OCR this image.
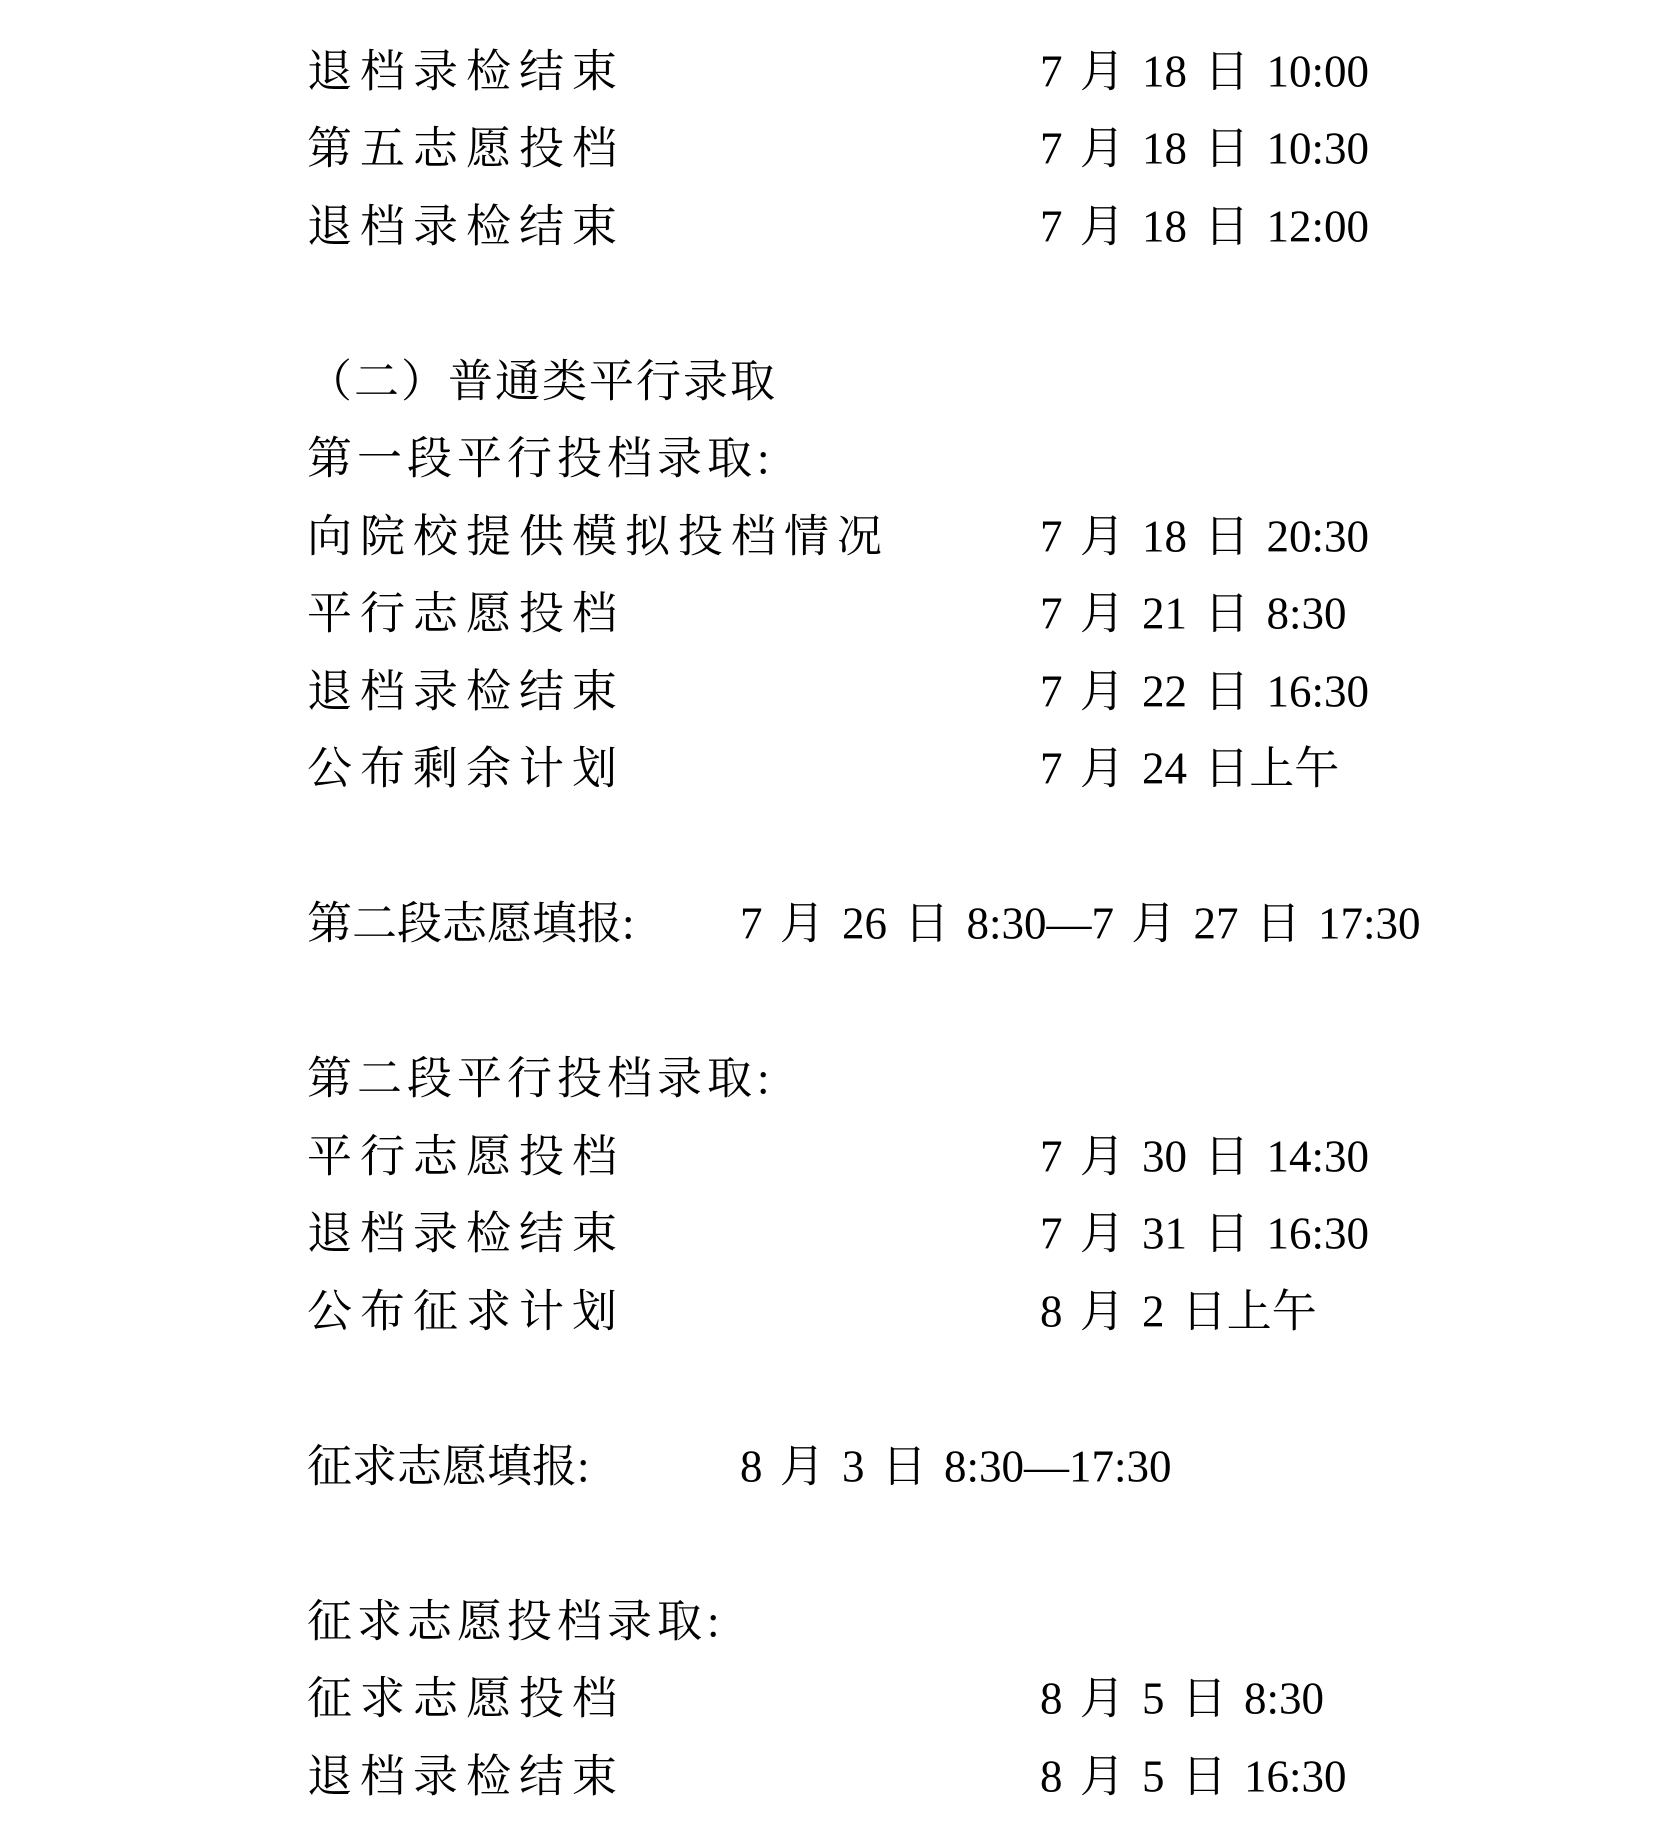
退档录检结束	7 月 18 日 10:00
第五志愿投档	7 月 18 日 10:30
退档录检结束	7 月 18 日 12:00
（二）普通类平行录取
第一段平行投档录取:
向院校提供模拟投档情况	7 月 18 日 20:30
平行志愿投档	7 月 21 日 8:30
退档录检结束	7 月 22 日 16:30
公布剩余计划	7 月 24 日上午
第二段志愿填报: 7 月 26 日 8:30—7 月 27 日 17:30
第二段平行投档录取:
平行志愿投档	7 月 30 日 14:30
退档录检结束	7 月 31 日 16:30
公布征求计划	8 月 2 日上午
征求志愿填报:	8 月 3 日 8:30—17:30
征求志愿投档录取:
征求志愿投档	8 月 5 日 8:30
退档录检结束	8 月 5 日 16:30
